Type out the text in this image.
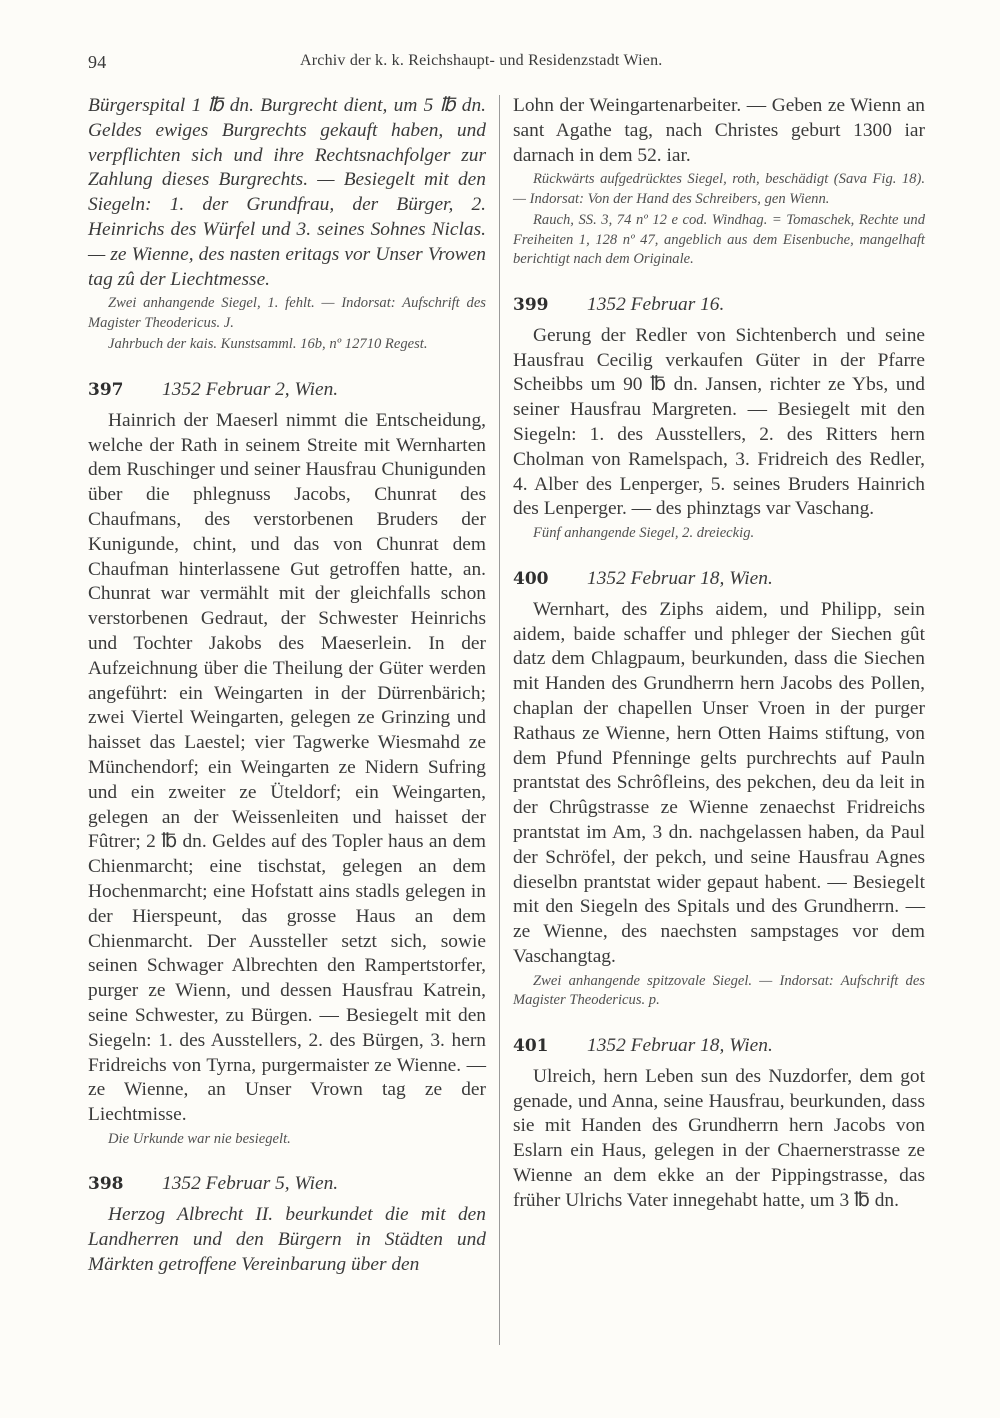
94	Archiv der k. k. Reichshaupt- und Residenzstadt Wien.

Bürgerspital 1 ℔ dn. Burgrecht dient, um 5 ℔ dn. Geldes ewiges Burgrechts gekauft haben, und verpflichten sich und ihre Rechtsnachfolger zur Zahlung dieses Burgrechts. — Besiegelt mit den Siegeln: 1. der Grundfrau, der Bürger, 2. Heinrichs des Würfel und 3. seines Sohnes Niclas. — ze Wienne, des nasten eritags vor Unser Vrowen tag zû der Liechtmesse.

Zwei anhangende Siegel, 1. fehlt. — Indorsat: Aufschrift des Magister Theodericus. J.

Jahrbuch der kais. Kunstsamml. 16b, nº 12710 Regest.

397	1352 Februar 2, Wien.

Hainrich der Maeserl nimmt die Entscheidung, welche der Rath in seinem Streite mit Wernharten dem Ruschinger und seiner Hausfrau Chunigunden über die phlegnuss Jacobs, Chunrat des Chaufmans, des verstorbenen Bruders der Kunigunde, chint, und das von Chunrat dem Chaufman hinterlassene Gut getroffen hatte, an. Chunrat war vermählt mit der gleichfalls schon verstorbenen Gedraut, der Schwester Heinrichs und Tochter Jakobs des Maeserlein. In der Aufzeichnung über die Theilung der Güter werden angeführt: ein Weingarten in der Dürrenbärich; zwei Viertel Weingarten, gelegen ze Grinzing und haisset das Laestel; vier Tagwerke Wiesmahd ze Münchendorf; ein Weingarten ze Nidern Sufring und ein zweiter ze Üteldorf; ein Weingarten, gelegen an der Weissenleiten und haisset der Fûtrer; 2 ℔ dn. Geldes auf des Topler haus an dem Chienmarcht; eine tischstat, gelegen an dem Hochenmarcht; eine Hofstatt ains stadls gelegen in der Hierspeunt, das grosse Haus an dem Chienmarcht. Der Aussteller setzt sich, sowie seinen Schwager Albrechten den Rampertstorfer, purger ze Wienn, und dessen Hausfrau Katrein, seine Schwester, zu Bürgen. — Besiegelt mit den Siegeln: 1. des Ausstellers, 2. des Bürgen, 3. hern Fridreichs von Tyrna, purgermaister ze Wienne. — ze Wienne, an Unser Vrown tag ze der Liechtmisse.

Die Urkunde war nie besiegelt.

398	1352 Februar 5, Wien.

Herzog Albrecht II. beurkundet die mit den Landherren und den Bürgern in Städten und Märkten getroffene Vereinbarung über den

Lohn der Weingartenarbeiter. — Geben ze Wienn an sant Agathe tag, nach Christes geburt 1300 iar darnach in dem 52. iar.

Rückwärts aufgedrücktes Siegel, roth, beschädigt (Sava Fig. 18). — Indorsat: Von der Hand des Schreibers, gen Wienn.

Rauch, SS. 3, 74 nº 12 e cod. Windhag. = Tomaschek, Rechte und Freiheiten 1, 128 nº 47, angeblich aus dem Eisenbuche, mangelhaft berichtigt nach dem Originale.

399	1352 Februar 16.

Gerung der Redler von Sichtenberch und seine Hausfrau Cecilig verkaufen Güter in der Pfarre Scheibbs um 90 ℔ dn. Jansen, richter ze Ybs, und seiner Hausfrau Margreten. — Besiegelt mit den Siegeln: 1. des Ausstellers, 2. des Ritters hern Cholman von Ramelspach, 3. Fridreich des Redler, 4. Alber des Lenperger, 5. seines Bruders Hainrich des Lenperger. — des phinztags var Vaschang.

Fünf anhangende Siegel, 2. dreieckig.

400	1352 Februar 18, Wien.

Wernhart, des Ziphs aidem, und Philipp, sein aidem, baide schaffer und phleger der Siechen gût datz dem Chlagpaum, beurkunden, dass die Siechen mit Handen des Grundherrn hern Jacobs des Pollen, chaplan der chapellen Unser Vroen in der purger Rathaus ze Wienne, hern Otten Haims stiftung, von dem Pfund Pfenninge gelts purchrechts auf Pauln prantstat des Schrôfleins, des pekchen, deu da leit in der Chrûgstrasse ze Wienne zenaechst Fridreichs prantstat im Am, 3 dn. nachgelassen haben, da Paul der Schröfel, der pekch, und seine Hausfrau Agnes dieselbn prantstat wider gepaut habent. — Besiegelt mit den Siegeln des Spitals und des Grundherrn. — ze Wienne, des naechsten sampstages vor dem Vaschangtag.

Zwei anhangende spitzovale Siegel. — Indorsat: Aufschrift des Magister Theodericus. p.

401	1352 Februar 18, Wien.

Ulreich, hern Leben sun des Nuzdorfer, dem got genade, und Anna, seine Hausfrau, beurkunden, dass sie mit Handen des Grundherrn hern Jacobs von Eslarn ein Haus, gelegen in der Chaernerstrasse ze Wienne an dem ekke an der Pippingstrasse, das früher Ulrichs Vater innegehabt hatte, um 3 ℔ dn.
